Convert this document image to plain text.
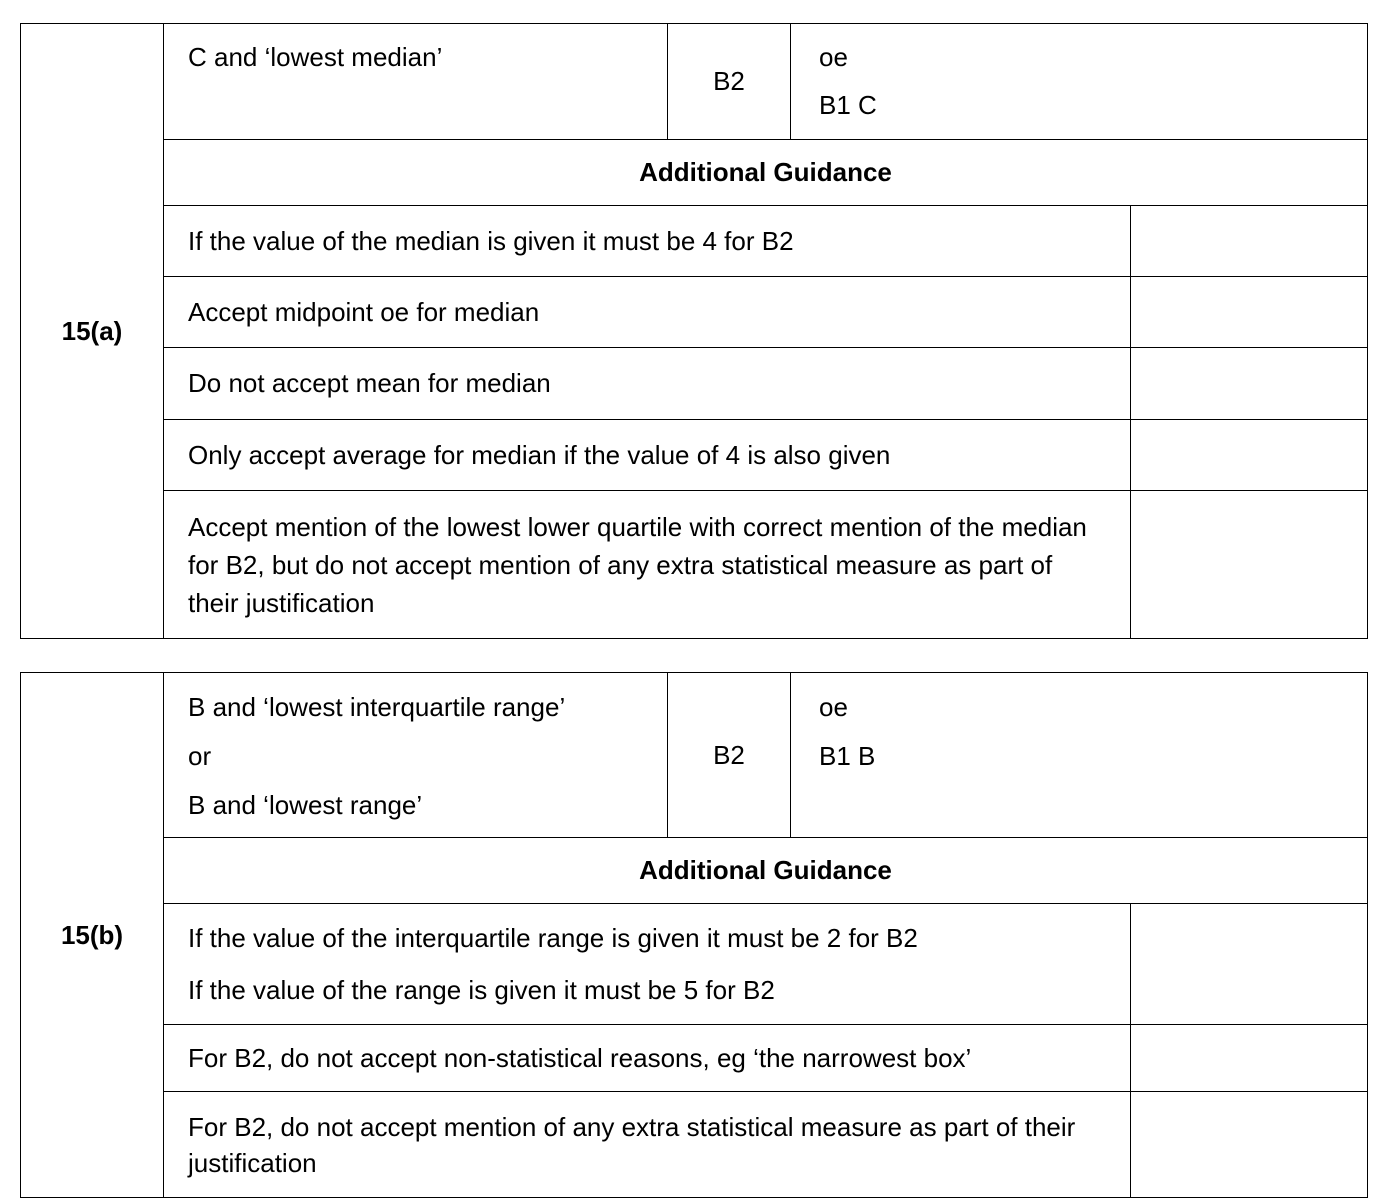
15(a)	C and ‘lowest median’	B2	oe
B1 C	

	Additional Guidance			
	If the value of the median is given it must be 4 for B2			
	Accept midpoint oe for median			
	Do not accept mean for median			
	Only accept average for median if the value of 4 is also given			
	Accept mention of the lowest lower quartile with correct mention of the median for B2, but do not accept mention of any extra statistical measure as part of their justification			
15(b)	B and ‘lowest interquartile range’
or
B and ‘lowest range’	B2	oe
B1 B	

	Additional Guidance			

	If the value of the interquartile range is given it must be 2 for B2
If the value of the range is given it must be 5 for B2			

	For B2, do not accept non-statistical reasons, eg ‘the narrowest box’			
	For B2, do not accept mention of any extra statistical measure as part of their justification			
